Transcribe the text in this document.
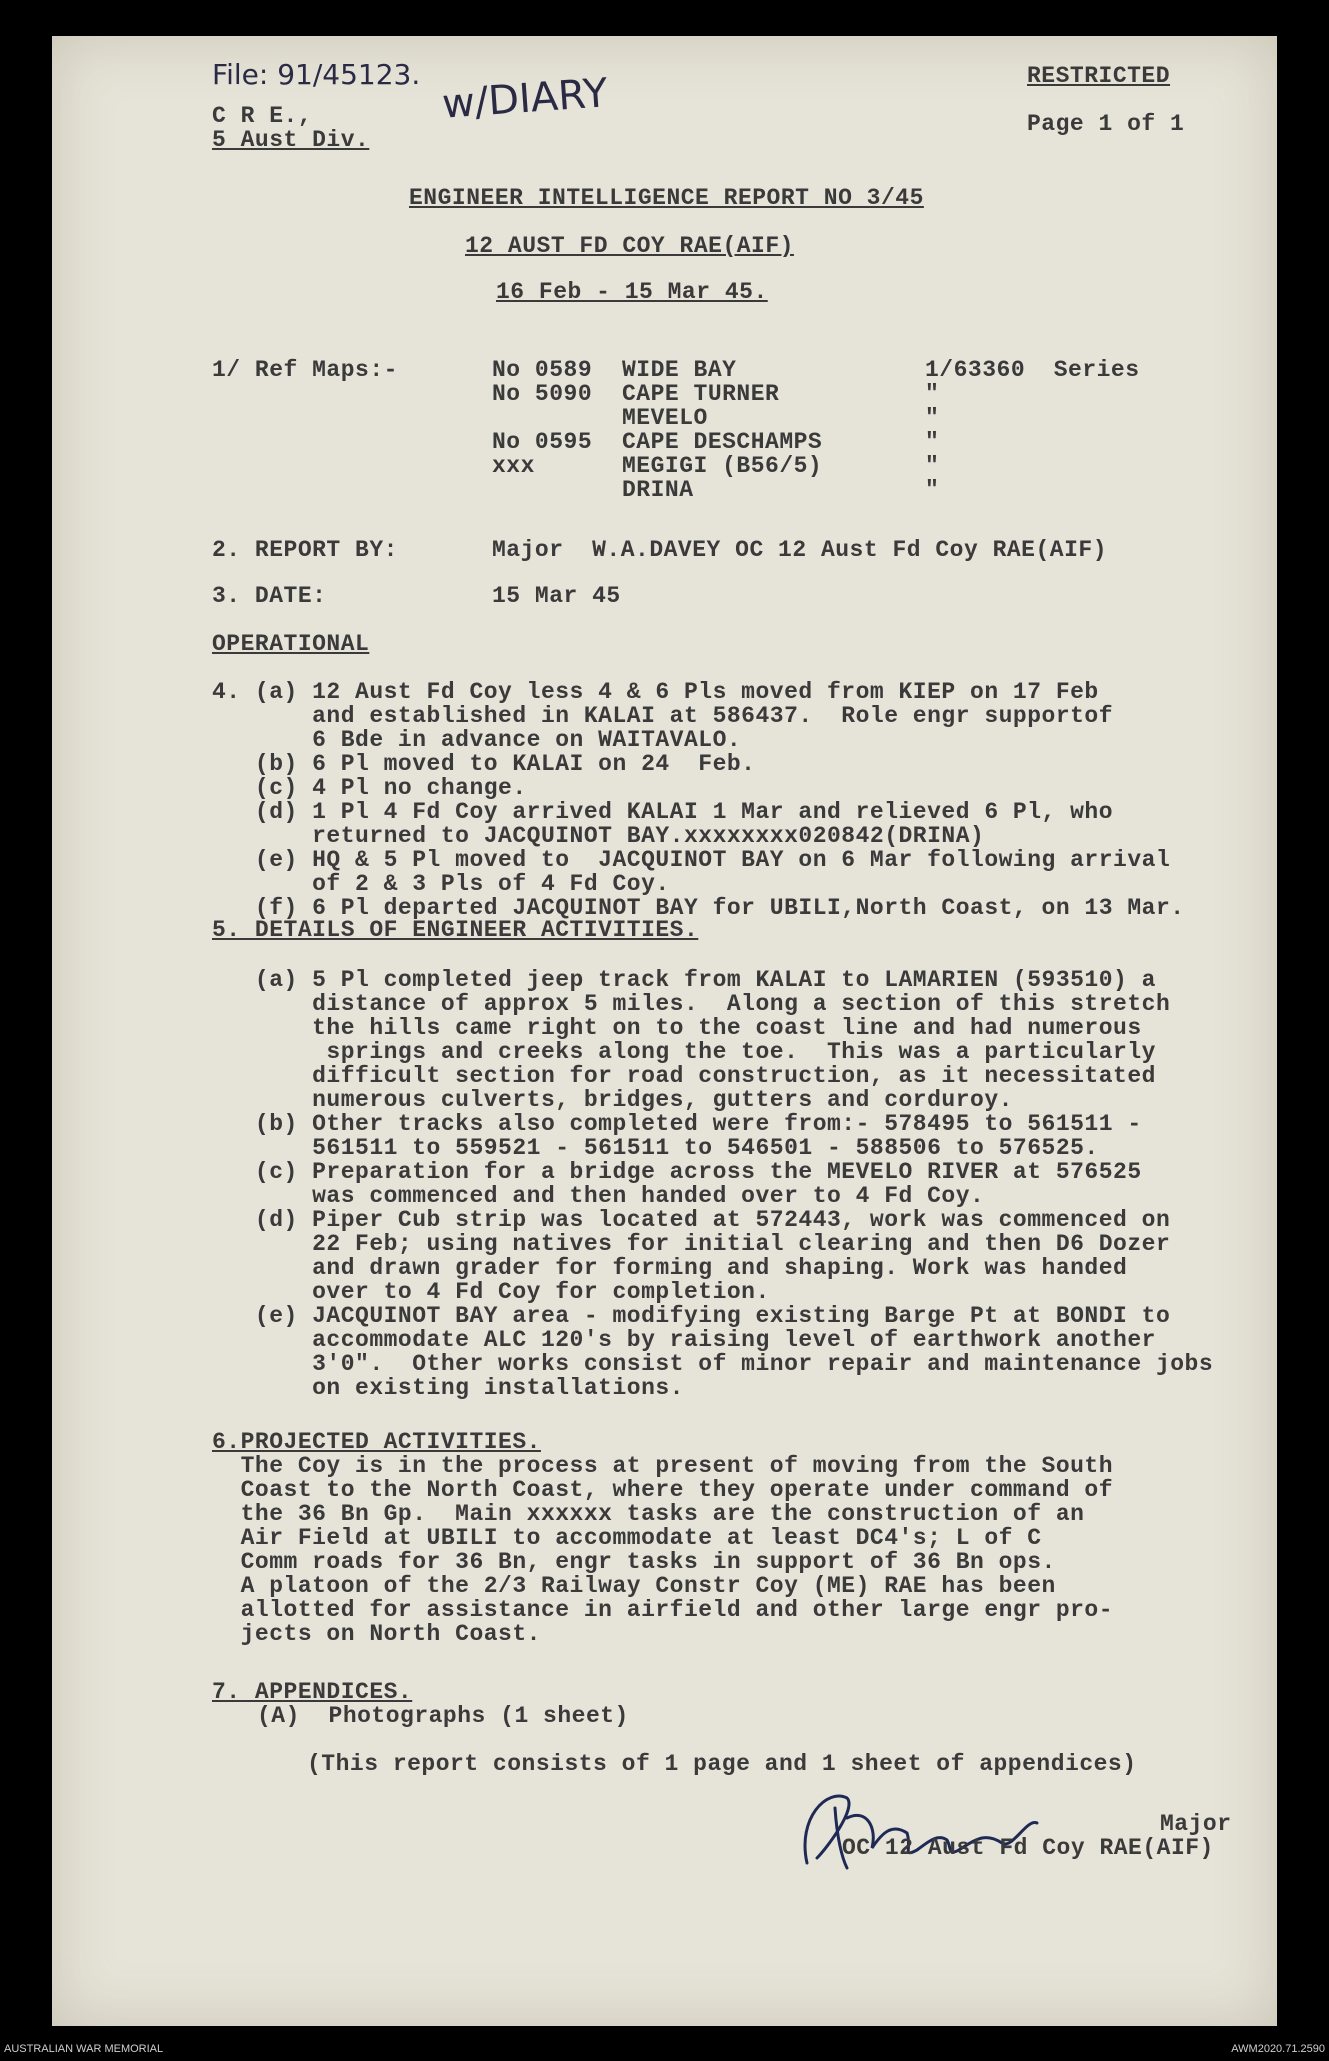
File: 91/45123. w/DIARY
C R E.,
5 Aust Div.
RESTRICTED
Page 1 of 1
ENGINEER INTELLIGENCE REPORT NO 3/45
12 AUST FD COY RAE(AIF)
16 Feb - 15 Mar 45.
1/ Ref Maps:-	No 0589 WIDE BAY	1/63360  Series
No 5090 CAPE TURNER	"
MEVELO	"
No 0595 CAPE DESCHAMPS	"
xxx	MEGIGI (B56/5)	"
DRINA	"
2. REPORT BY:	Major  W.A.DAVEY OC 12 Aust Fd Coy RAE(AIF)
3. DATE:	15 Mar 45
OPERATIONAL
4. (a) 12 Aust Fd Coy less 4 & 6 Pls moved from KIEP on 17 Feb
and established in KALAI at 586437.  Role engr supportof
6 Bde in advance on WAITAVALO.
(b) 6 Pl moved to KALAI on 24  Feb.
(c) 4 Pl no change.
(d) 1 Pl 4 Fd Coy arrived KALAI 1 Mar and relieved 6 Pl, who
returned to JACQUINOT BAY.xxxxxxxx020842(DRINA)
(e) HQ & 5 Pl moved to  JACQUINOT BAY on 6 Mar following arrival
of 2 & 3 Pls of 4 Fd Coy.
(f) 6 Pl departed JACQUINOT BAY for UBILI,North Coast, on 13 Mar.
5. DETAILS OF ENGINEER ACTIVITIES.
(a) 5 Pl completed jeep track from KALAI to LAMARIEN (593510) a
distance of approx 5 miles.  Along a section of this stretch
the hills came right on to the coast line and had numerous
springs and creeks along the toe.  This was a particularly
difficult section for road construction, as it necessitated
numerous culverts, bridges, gutters and corduroy.
(b) Other tracks also completed were from:- 578495 to 561511 -
561511 to 559521 - 561511 to 546501 - 588506 to 576525.
(c) Preparation for a bridge across the MEVELO RIVER at 576525
was commenced and then handed over to 4 Fd Coy.
(d) Piper Cub strip was located at 572443, work was commenced on
22 Feb; using natives for initial clearing and then D6 Dozer
and drawn grader for forming and shaping. Work was handed
over to 4 Fd Coy for completion.
(e) JACQUINOT BAY area - modifying existing Barge Pt at BONDI to
accommodate ALC 120's by raising level of earthwork another
3'0".  Other works consist of minor repair and maintenance jobs
on existing installations.
6.PROJECTED ACTIVITIES.
The Coy is in the process at present of moving from the South
Coast to the North Coast, where they operate under command of
the 36 Bn Gp.  Main xxxxxx tasks are the construction of an
Air Field at UBILI to accommodate at least DC4's; L of C
Comm roads for 36 Bn, engr tasks in support of 36 Bn ops.
A platoon of the 2/3 Railway Constr Coy (ME) RAE has been
allotted for assistance in airfield and other large engr pro-
jects on North Coast.
7. APPENDICES.
(A)  Photographs (1 sheet)
(This report consists of 1 page and 1 sheet of appendices)
Major
OC 12 Aust Fd Coy RAE(AIF)
AUSTRALIAN WAR MEMORIAL	AWM2020.71.2590
